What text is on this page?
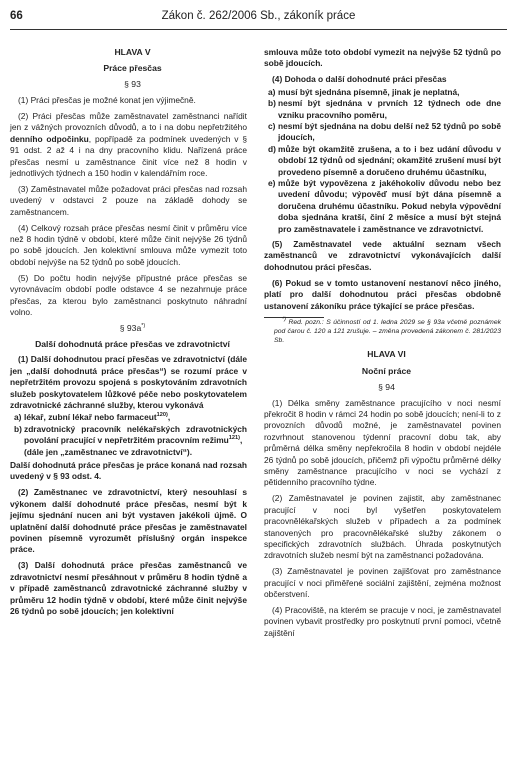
66	Zákon č. 262/2006 Sb., zákoník práce

HLAVA V

Práce přesčas

§ 93

(1) Práci přesčas je možné konat jen výjimečně.

(2) Práci přesčas může zaměstnavatel zaměstnanci nařídit jen z vážných provozních důvodů, a to i na dobu nepřetržitého denního odpočinku, popřípadě za podmínek uvedených v § 91 odst. 2 až 4 i na dny pracovního klidu. Nařízená práce přesčas nesmí u zaměstnance činit více než 8 hodin v jednotlivých týdnech a 150 hodin v kalendářním roce.

(3) Zaměstnavatel může požadovat práci přesčas nad rozsah uvedený v odstavci 2 pouze na základě dohody se zaměstnancem.

(4) Celkový rozsah práce přesčas nesmí činit v průměru více než 8 hodin týdně v období, které může činit nejvýše 26 týdnů po sobě jdoucích. Jen kolektivní smlouva může vymezit toto období nejvýše na 52 týdnů po sobě jdoucích.

(5) Do počtu hodin nejvýše přípustné práce přesčas se vyrovnávacím období podle odstavce 4 se nezahrnuje práce přesčas, za kterou bylo zaměstnanci poskytnuto náhradní volno.

§ 93a*)

Další dohodnutá práce přesčas ve zdravotnictví

(1) Další dohodnutou prací přesčas ve zdravotnictví (dále jen „další dohodnutá práce přesčas“) se rozumí práce v nepřetržitém provozu spojená s poskytováním zdravotních služeb poskytovatelem lůžkové péče nebo poskytovatelem zdravotnické záchranné služby, kterou vykonává

a) lékař, zubní lékař nebo farmaceut$^{120)}$,

b) zdravotnický pracovník nelékařských zdravotnických povolání pracující v nepřetržitém pracovním režimu$^{121)}$,

(dále jen „zaměstnanec ve zdravotnictví“).

Další dohodnutá práce přesčas je práce konaná nad rozsah uvedený v § 93 odst. 4.

(2) Zaměstnanec ve zdravotnictví, který nesouhlasí s výkonem další dohodnuté práce přesčas, nesmí být k jejímu sjednání nucen ani být vystaven jakékoli újmě. O uplatnění další dohodnuté práce přesčas je zaměstnavatel povinen písemně vyrozumět příslušný orgán inspekce práce.

(3) Další dohodnutá práce přesčas zaměstnanců ve zdravotnictví nesmí přesáhnout v průměru 8 hodin týdně a v případě zaměstnanců zdravotnické záchranné služby v průměru 12 hodin týdně v období, které může činit nejvýše 26 týdnů po sobě jdoucích; jen kolektivní

smlouva může toto období vymezit na nejvýše 52 týdnů po sobě jdoucích.

(4) Dohoda o další dohodnuté práci přesčas

a) musí být sjednána písemně, jinak je neplatná,

b) nesmí být sjednána v prvních 12 týdnech ode dne vzniku pracovního poměru,

c) nesmí být sjednána na dobu delší než 52 týdnů po sobě jdoucích,

d) může být okamžitě zrušena, a to i bez udání důvodu v období 12 týdnů od sjednání; okamžité zrušení musí být provedeno písemně a doručeno druhému účastníku,

e) může být vypovězena z jakéhokoliv důvodu nebo bez uvedení důvodu; výpověď musí být dána písemně a doručena druhému účastníku. Pokud nebyla výpovědní doba sjednána kratší, činí 2 měsíce a musí být stejná pro zaměstnavatele i zaměstnance ve zdravotnictví.

(5) Zaměstnavatel vede aktuální seznam všech zaměstnanců ve zdravotnictví vykonávajících další dohodnutou práci přesčas.

(6) Pokud se v tomto ustanovení nestanoví něco jiného, platí pro další dohodnutou práci přesčas obdobně ustanovení zákoníku práce týkající se práce přesčas.

*) Red. pozn.: S účinností od 1. ledna 2029 se § 93a včetně poznámek pod čarou č. 120 a 121 zrušuje. – změna provedená zákonem č. 281/2023 Sb.

HLAVA VI

Noční práce

§ 94

(1) Délka směny zaměstnance pracujícího v noci nesmí překročit 8 hodin v rámci 24 hodin po sobě jdoucích; není-li to z provozních důvodů možné, je zaměstnavatel povinen rozvrhnout stanovenou týdenní pracovní dobu tak, aby průměrná délka směny nepřekročila 8 hodin v období nejdéle 26 týdnů po sobě jdoucích, přičemž při výpočtu průměrné délky směny zaměstnance pracujícího v noci se vychází z pětidenního pracovního týdne.

(2) Zaměstnavatel je povinen zajistit, aby zaměstnanec pracující v noci byl vyšetřen poskytovatelem pracovnělékařských služeb v případech a za podmínek stanovených pro pracovnělékařské služby zákonem o specifických zdravotních službách. Úhrada poskytnutých zdravotních služeb nesmí být na zaměstnanci požadována.

(3) Zaměstnavatel je povinen zajišťovat pro zaměstnance pracující v noci přiměřené sociální zajištění, zejména možnost občerstvení.

(4) Pracoviště, na kterém se pracuje v noci, je zaměstnavatel povinen vybavit prostředky pro poskytnutí první pomoci, včetně zajištění
